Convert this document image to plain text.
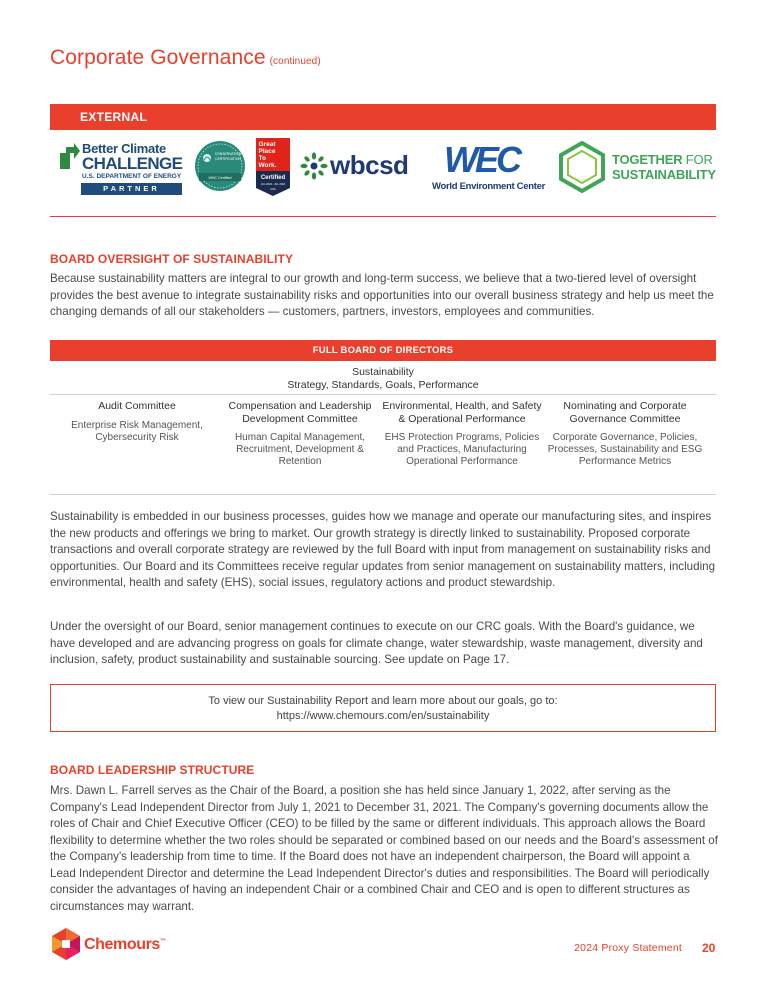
Corporate Governance (continued)
EXTERNAL
Better Climate
CHALLENGE
U.S. DEPARTMENT OF ENERGY
PARTNER
CONSERVATION
CERTIFICATION
WHC Certified
Great
Place
To
Work.
Certified
JUL 2023 - JUL 2024
USA
wbcsd WEC
World Environment Center
TOGETHER FOR
SUSTAINABILITY
BOARD OVERSIGHT OF SUSTAINABILITY

Because sustainability matters are integral to our growth and long-term success, we believe that a two-tiered level of oversight provides the best avenue to integrate sustainability risks and opportunities into our overall business strategy and help us meet the changing demands of all our stakeholders — customers, partners, investors, employees and communities.

FULL BOARD OF DIRECTORS
Sustainability
Strategy, Standards, Goals, Performance
Audit Committee
Enterprise Risk Management, Cybersecurity Risk
Compensation and Leadership Development Committee
Human Capital Management, Recruitment, Development & Retention
Environmental, Health, and Safety & Operational Performance
EHS Protection Programs, Policies and Practices, Manufacturing Operational Performance
Nominating and Corporate Governance Committee
Corporate Governance, Policies, Processes, Sustainability and ESG Performance Metrics

Sustainability is embedded in our business processes, guides how we manage and operate our manufacturing sites, and inspires the new products and offerings we bring to market. Our growth strategy is directly linked to sustainability. Proposed corporate transactions and overall corporate strategy are reviewed by the full Board with input from management on sustainability risks and opportunities. Our Board and its Committees receive regular updates from senior management on sustainability matters, including environmental, health and safety (EHS), social issues, regulatory actions and product stewardship.

Under the oversight of our Board, senior management continues to execute on our CRC goals. With the Board's guidance, we have developed and are advancing progress on goals for climate change, water stewardship, waste management, diversity and inclusion, safety, product sustainability and sustainable sourcing. See update on Page 17.

To view our Sustainability Report and learn more about our goals, go to:
https://www.chemours.com/en/sustainability
BOARD LEADERSHIP STRUCTURE

Mrs. Dawn L. Farrell serves as the Chair of the Board, a position she has held since January 1, 2022, after serving as the Company's Lead Independent Director from July 1, 2021 to December 31, 2021. The Company's governing documents allow the roles of Chair and Chief Executive Officer (CEO) to be filled by the same or different individuals. This approach allows the Board flexibility to determine whether the two roles should be separated or combined based on our needs and the Board's assessment of the Company's leadership from time to time. If the Board does not have an independent chairperson, the Board will appoint a Lead Independent Director and determine the Lead Independent Director's duties and responsibilities. The Board will periodically consider the advantages of having an independent Chair or a combined Chair and CEO and is open to different structures as circumstances may warrant.

Chemours™
2024 Proxy Statement 20
